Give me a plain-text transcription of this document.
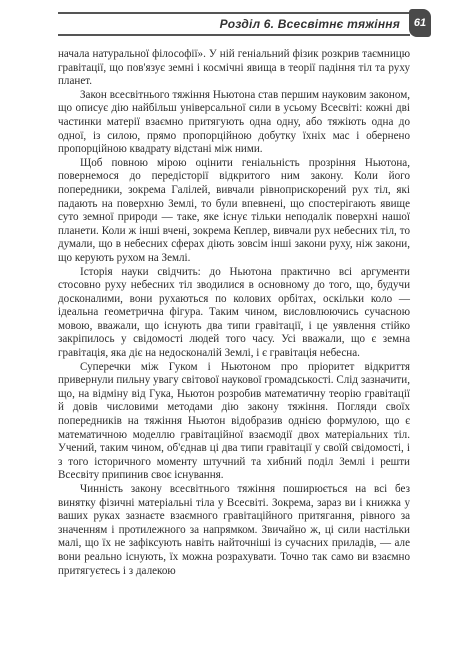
Розділ 6. Всесвітнє тяжіння	61

начала натуральної філософії». У ній геніальний фізик розкрив таємницю гравітації, що пов'язує земні і космічні явища в теорії падіння тіл та руху планет.

Закон всесвітнього тяжіння Ньютона став першим науковим законом, що описує дію найбільш універсальної сили в усьому Всесвіті: кожні дві частинки матерії взаємно притягують одна одну, або тяжіють одна до одної, із силою, прямо пропорційною добутку їхніх мас і обернено пропорційною квадрату відстані між ними.

Щоб повною мірою оцінити геніальність прозріння Ньютона, повернемося до передісторії відкритого ним закону. Коли його попередники, зокрема Галілей, вивчали рівноприскорений рух тіл, які падають на поверхню Землі, то були впевнені, що спостерігають явище суто земної природи — таке, яке існує тільки неподалік поверхні нашої планети. Коли ж інші вчені, зокрема Кеплер, вивчали рух небесних тіл, то думали, що в небесних сферах діють зовсім інші закони руху, ніж закони, що керують рухом на Землі.

Історія науки свідчить: до Ньютона практично всі аргументи стосовно руху небесних тіл зводилися в основному до того, що, будучи досконалими, вони рухаються по колових орбітах, оскільки коло — ідеальна геометрична фігура. Таким чином, висловлюючись сучасною мовою, вважали, що існують два типи гравітації, і це уявлення стійко закріпилось у свідомості людей того часу. Усі вважали, що є земна гравітація, яка діє на недосконалій Землі, і є гравітація небесна.

Суперечки між Гуком і Ньютоном про пріоритет відкриття привернули пильну увагу світової наукової громадськості. Слід зазначити, що, на відміну від Гука, Ньютон розробив математичну теорію гравітації й довів числовими методами дію закону тяжіння. Погляди своїх попередників на тяжіння Ньютон відобразив однією формулою, що є математичною моделлю гравітаційної взаємодії двох матеріальних тіл. Учений, таким чином, об'єднав ці два типи гравітації у своїй свідомості, і з того історичного моменту штучний та хибний поділ Землі і решти Всесвіту припинив своє існування.

Чинність закону всесвітнього тяжіння поширюється на всі без винятку фізичні матеріальні тіла у Всесвіті. Зокрема, зараз ви і книжка у ваших руках зазнаєте взаємного гравітаційного притягання, рівного за значенням і протилежного за напрямком. Звичайно ж, ці сили настільки малі, що їх не зафіксують навіть найточніші із сучасних приладів, — але вони реально існують, їх можна розрахувати. Точно так само ви взаємно притягуєтесь і з далекою
